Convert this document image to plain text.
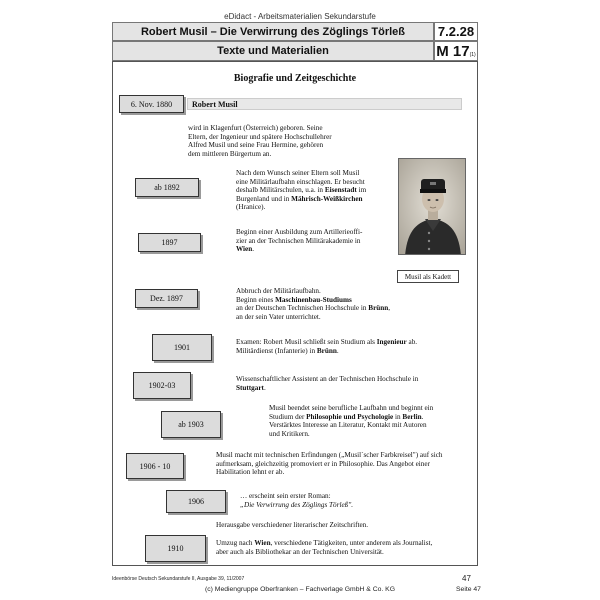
eDidact - Arbeitsmaterialien Sekundarstufe
Robert Musil – Die Verwirrung des Zöglings Törleß	7.2.28
Texte und Materialien	M 17 (1)
Biografie und Zeitgeschichte
Robert Musil
6. Nov. 1880
wird in Klagenfurt (Österreich) geboren. Seine
Eltern, der Ingenieur und spätere Hochschullehrer
Alfred Musil und seine Frau Hermine, gehören
dem mittleren Bürgertum an.
ab 1892
Nach dem Wunsch seiner Eltern soll Musil
eine Militärlaufbahn einschlagen. Er besucht
deshalb Militärschulen, u.a. in Eisenstadt im
Burgenland und in Mährisch-Weißkirchen
(Hranice).
1897
Beginn einer Ausbildung zum Artillerieoffi-
zier an der Technischen Militärakademie in
Wien.
Dez. 1897
Abbruch der Militärlaufbahn.
Beginn eines Maschinenbau-Studiums
an der Deutschen Technischen Hochschule in Brünn,
an der sein Vater unterrichtet.
1901
Examen: Robert Musil schließt sein Studium als Ingenieur ab.
Militärdienst (Infanterie) in Brünn.
1902-03
Wissenschaftlicher Assistent an der Technischen Hochschule in
Stuttgart.
ab 1903
Musil beendet seine berufliche Laufbahn und beginnt ein
Studium der Philosophie und Psychologie in Berlin.
Verstärktes Interesse an Literatur, Kontakt mit Autoren
und Kritikern.
1906 - 10
Musil macht mit technischen Erfindungen („Musil´scher Farbkreisel") auf sich
aufmerksam, gleichzeitig promoviert er in Philosophie. Das Angebot einer
Habilitation lehnt er ab.
1906
… erscheint sein erster Roman:
„Die Verwirrung des Zöglings Törleß".
Herausgabe verschiedener literarischer Zeitschriften.
1910
Umzug nach Wien, verschiedene Tätigkeiten, unter anderem als Journalist,
aber auch als Bibliothekar an der Technischen Universität.
Musil als Kadett
Ideenbörse Deutsch Sekundarstufe II, Ausgabe 39, 11/2007	47
(c) Mediengruppe Oberfranken – Fachverlage GmbH & Co. KG	Seite 47
